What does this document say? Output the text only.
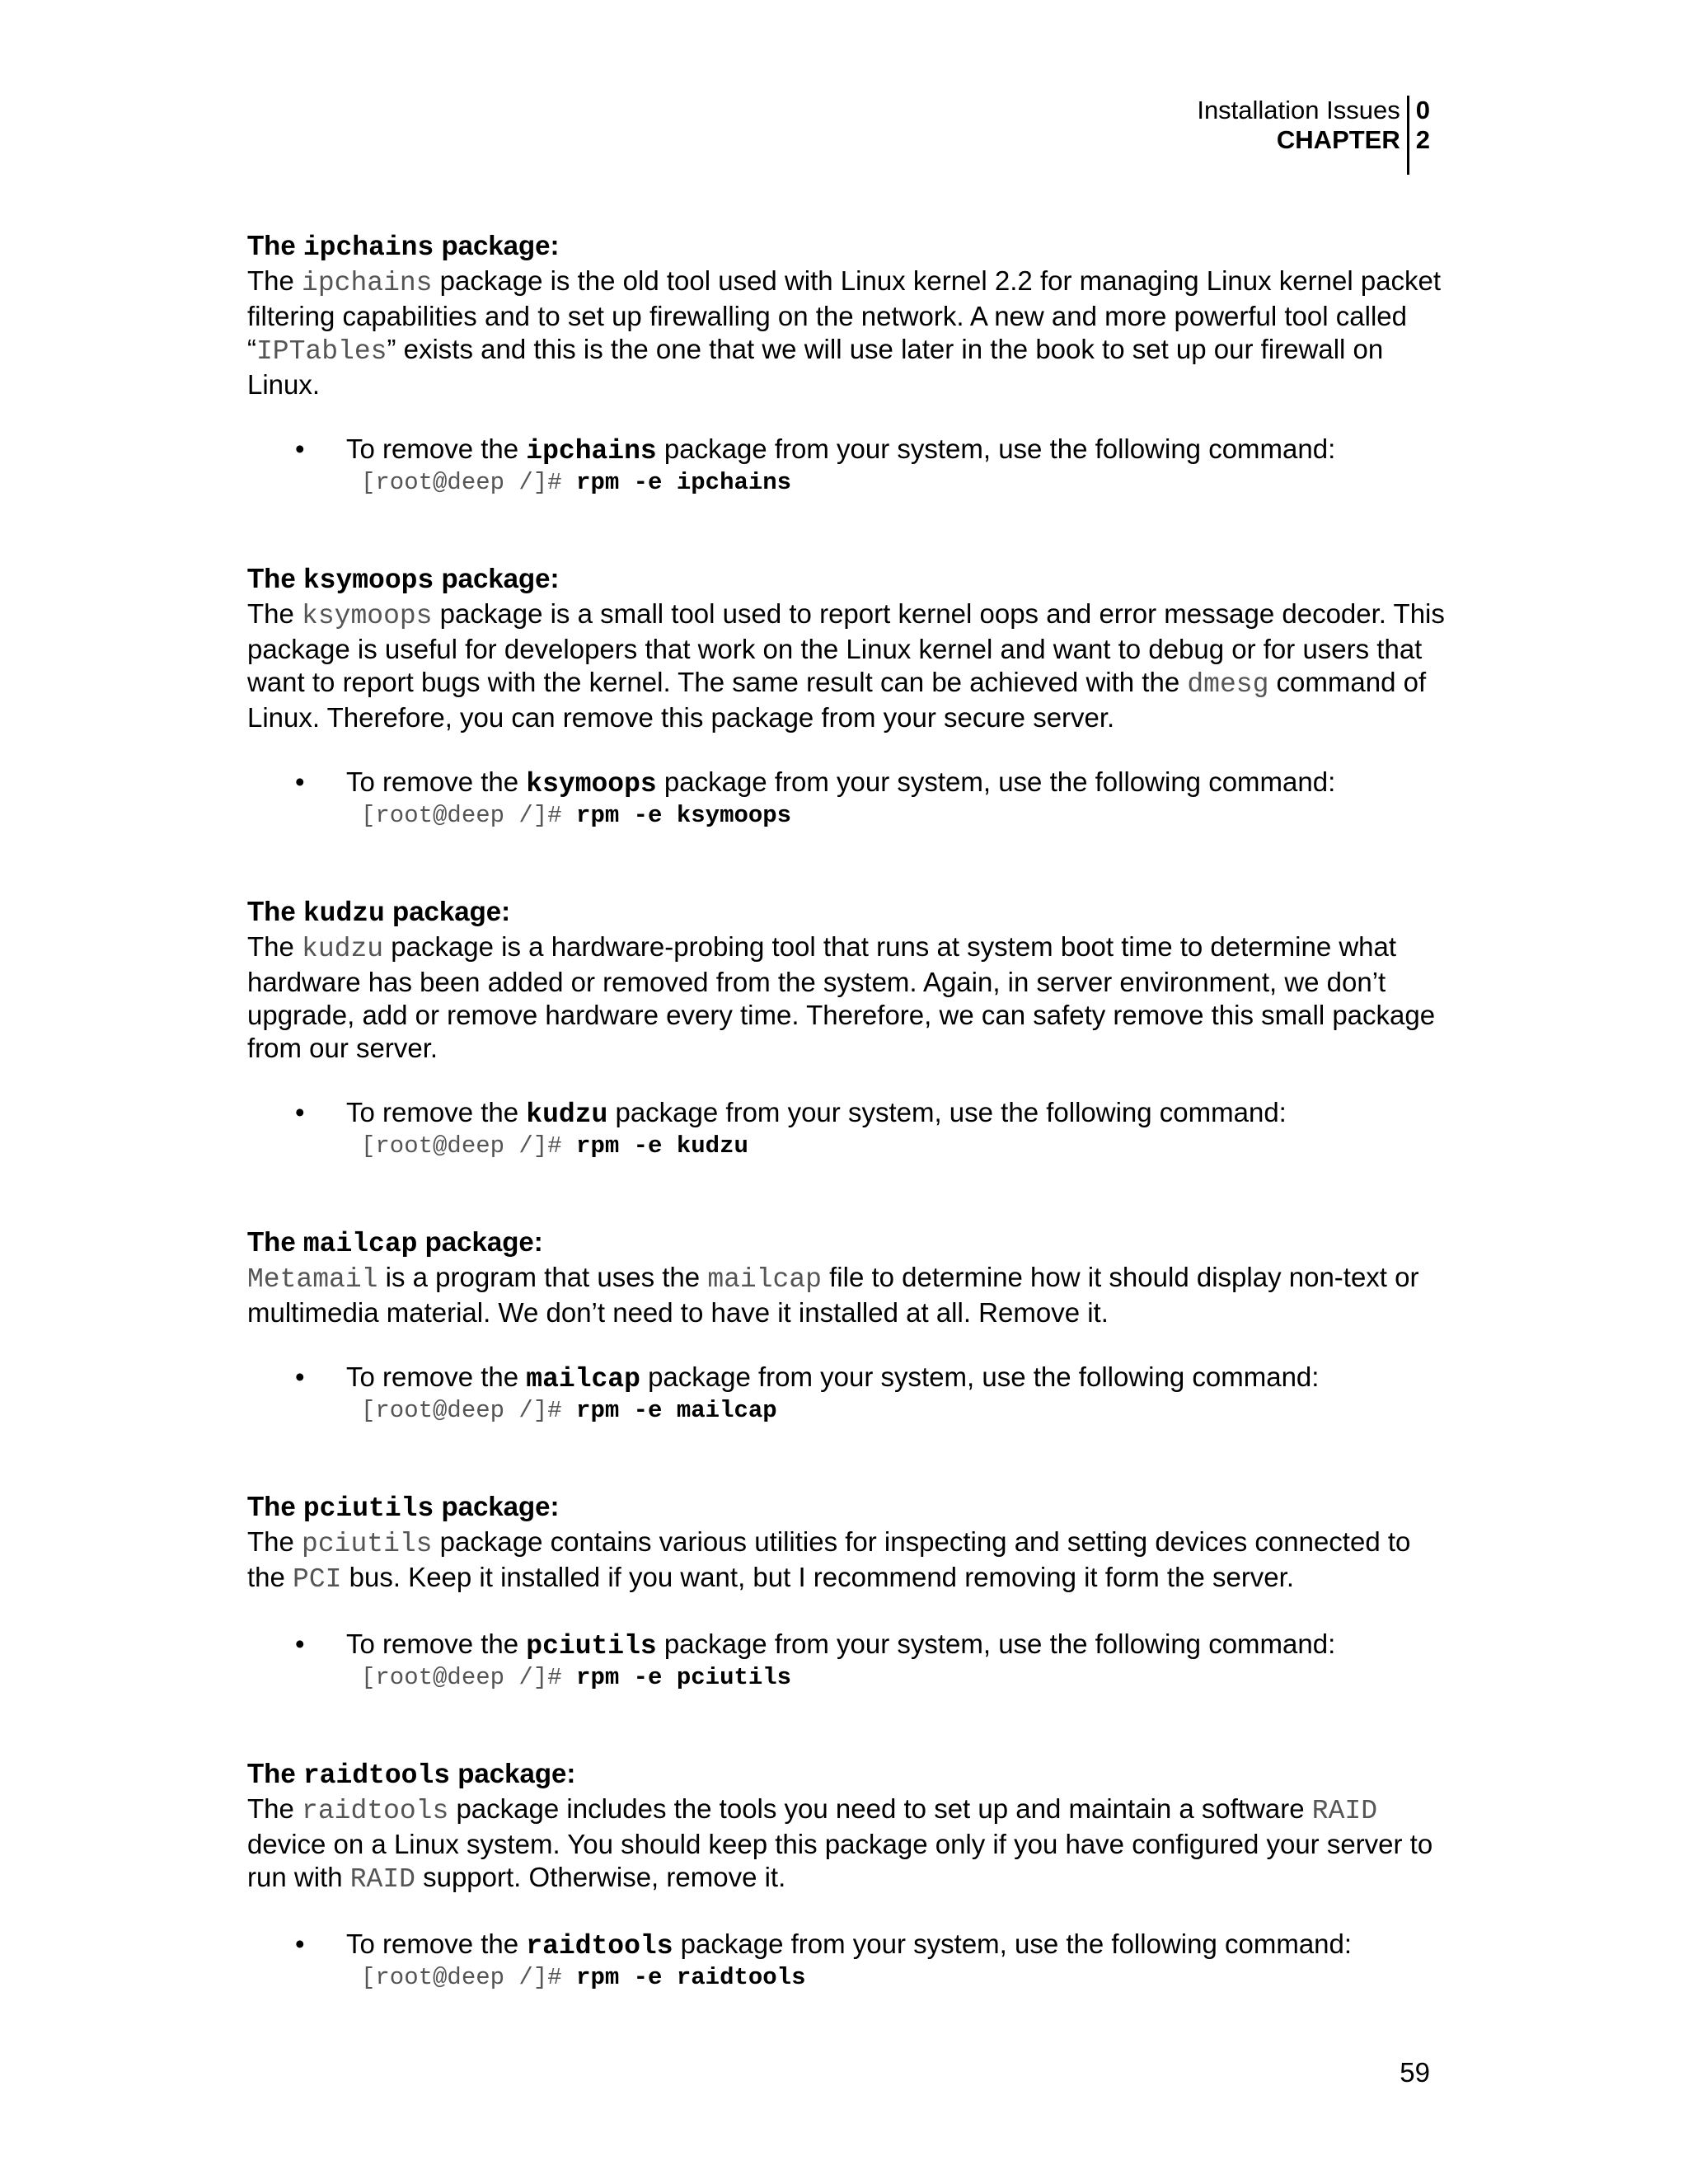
Installation Issues
CHAPTER
0
2
The ipchains package:

The ipchains package is the old tool used with Linux kernel 2.2 for managing Linux kernel packet filtering capabilities and to set up firewalling on the network. A new and more powerful tool called “IPTables” exists and this is the one that we will use later in the book to set up our firewall on Linux.

• To remove the ipchains package from your system, use the following command:
[root@deep /]# rpm -e ipchains
The ksymoops package:

The ksymoops package is a small tool used to report kernel oops and error message decoder. This package is useful for developers that work on the Linux kernel and want to debug or for users that want to report bugs with the kernel. The same result can be achieved with the dmesg command of Linux. Therefore, you can remove this package from your secure server.

• To remove the ksymoops package from your system, use the following command:
[root@deep /]# rpm -e ksymoops
The kudzu package:

The kudzu package is a hardware-probing tool that runs at system boot time to determine what hardware has been added or removed from the system. Again, in server environment, we don’t upgrade, add or remove hardware every time. Therefore, we can safety remove this small package from our server.

• To remove the kudzu package from your system, use the following command:
[root@deep /]# rpm -e kudzu
The mailcap package:

Metamail is a program that uses the mailcap file to determine how it should display non-text or multimedia material. We don’t need to have it installed at all. Remove it.

• To remove the mailcap package from your system, use the following command:
[root@deep /]# rpm -e mailcap
The pciutils package:

The pciutils package contains various utilities for inspecting and setting devices connected to the PCI bus. Keep it installed if you want, but I recommend removing it form the server.

• To remove the pciutils package from your system, use the following command:
[root@deep /]# rpm -e pciutils
The raidtools package:

The raidtools package includes the tools you need to set up and maintain a software RAID device on a Linux system. You should keep this package only if you have configured your server to run with RAID support. Otherwise, remove it.

• To remove the raidtools package from your system, use the following command:
[root@deep /]# rpm -e raidtools
59
